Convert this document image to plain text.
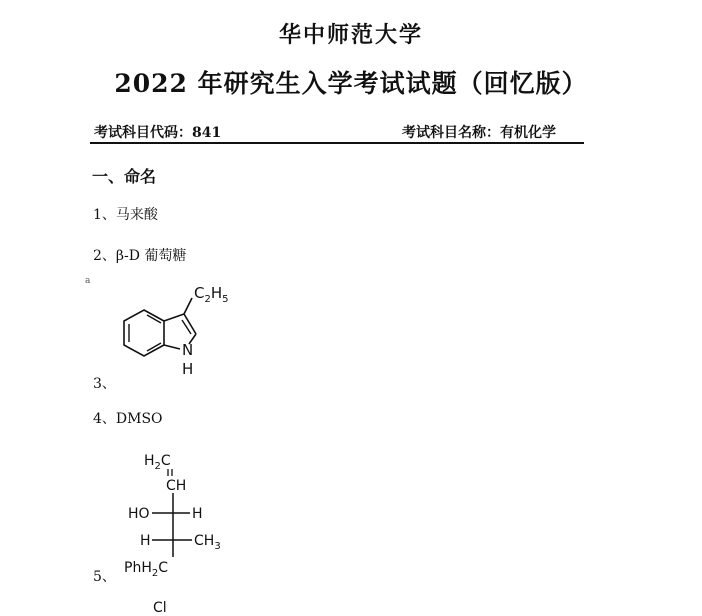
华中师范大学
2022 年研究生入学考试试题（回忆版）
考试科目代码：841	考试科目名称：有机化学
一、命名
1、马来酸
2、β-D 葡萄糖
a
$C_2H_5$
N
H
3、
4、DMSO
$H_2C$
CH
HO	H
H	$CH_3$
PhH$_2$C
5、
Cl
